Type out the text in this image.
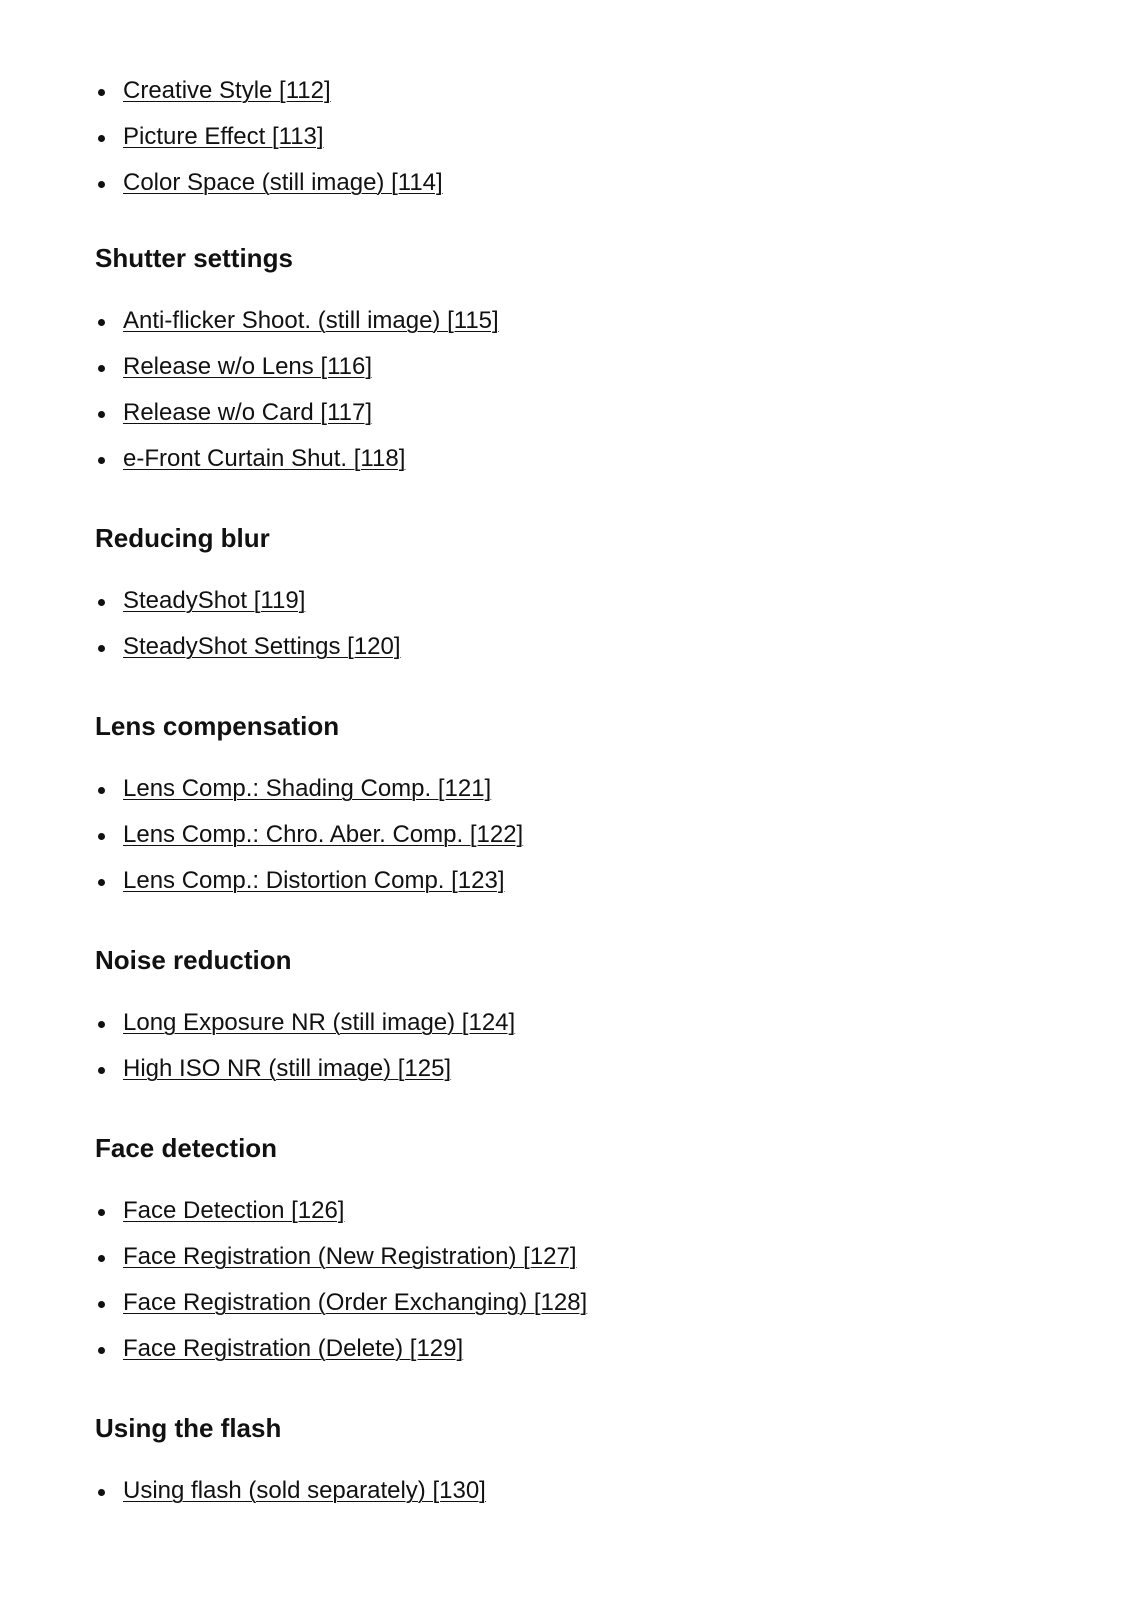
Creative Style [112]
Picture Effect [113]
Color Space (still image) [114]
Shutter settings
Anti-flicker Shoot. (still image) [115]
Release w/o Lens [116]
Release w/o Card [117]
e-Front Curtain Shut. [118]
Reducing blur
SteadyShot [119]
SteadyShot Settings [120]
Lens compensation
Lens Comp.: Shading Comp. [121]
Lens Comp.: Chro. Aber. Comp. [122]
Lens Comp.: Distortion Comp. [123]
Noise reduction
Long Exposure NR (still image) [124]
High ISO NR (still image) [125]
Face detection
Face Detection [126]
Face Registration (New Registration) [127]
Face Registration (Order Exchanging) [128]
Face Registration (Delete) [129]
Using the flash
Using flash (sold separately) [130]
